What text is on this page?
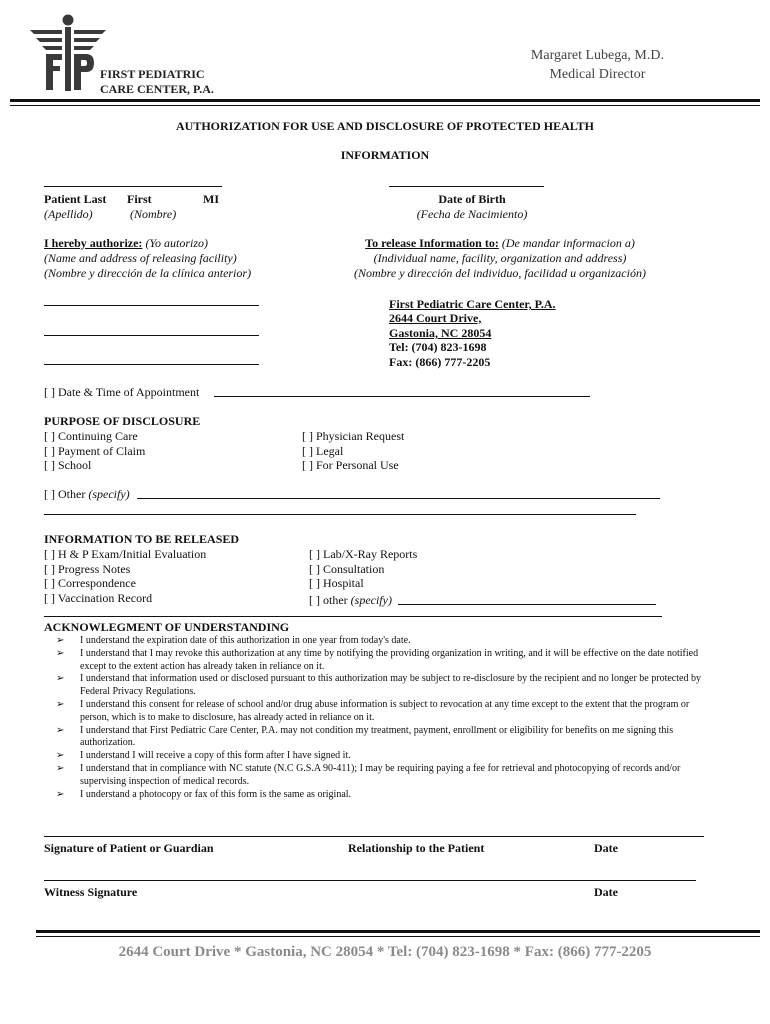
FIRST PEDIATRIC
CARE CENTER, P.A.
Margaret Lubega, M.D.
Medical Director
AUTHORIZATION FOR USE AND DISCLOSURE OF PROTECTED HEALTH
INFORMATION
Patient Last First	MI
(Apellido)	(Nombre)
Date of Birth
(Fecha de Nacimiento)
I hereby authorize: (Yo autorizo)
(Name and address of releasing facility)
(Nombre y dirección de la clínica anterior)
To release Information to: (De mandar informacion a)
(Individual name, facility, organization and address)
(Nombre y dirección del individuo, facilidad u organización)
First Pediatric Care Center, P.A.
2644 Court Drive,
Gastonia, NC 28054
Tel: (704) 823-1698
Fax: (866) 777-2205
[ ] Date & Time of Appointment
PURPOSE OF DISCLOSURE
[ ] Continuing Care
[ ] Payment of Claim
[ ] School
[ ] Physician Request
[ ] Legal
[ ] For Personal Use
[ ] Other (specify)
INFORMATION TO BE RELEASED
[ ] H & P Exam/Initial Evaluation
[ ] Progress Notes
[ ] Correspondence
[ ] Vaccination Record
[ ] Lab/X-Ray Reports
[ ] Consultation
[ ] Hospital
[ ] other (specify)
ACKNOWLEGMENT OF UNDERSTANDING
➢ I understand the expiration date of this authorization in one year from today's date.
➢ I understand that I may revoke this authorization at any time by notifying the providing organization in writing, and it will be effective on the date notified except to the extent action has already taken in reliance on it.
➢ I understand that information used or disclosed pursuant to this authorization may be subject to re-disclosure by the recipient and no longer be protected by Federal Privacy Regulations.
➢ I understand this consent for release of school and/or drug abuse information is subject to revocation at any time except to the extent that the program or person, which is to make to disclosure, has already acted in reliance on it.
➢ I understand that First Pediatric Care Center, P.A. may not condition my treatment, payment, enrollment or eligibility for benefits on me signing this authorization.
➢ I understand I will receive a copy of this form after I have signed it.
➢ I understand that in compliance with NC statute (N.C G.S.A 90-411); I may be requiring paying a fee for retrieval and photocopying of records and/or supervising inspection of medical records.
➢ I understand a photocopy or fax of this form is the same as original.
Signature of Patient or Guardian	Relationship to the Patient	Date
Witness Signature	Date
2644 Court Drive * Gastonia, NC 28054 * Tel: (704) 823-1698 * Fax: (866) 777-2205
